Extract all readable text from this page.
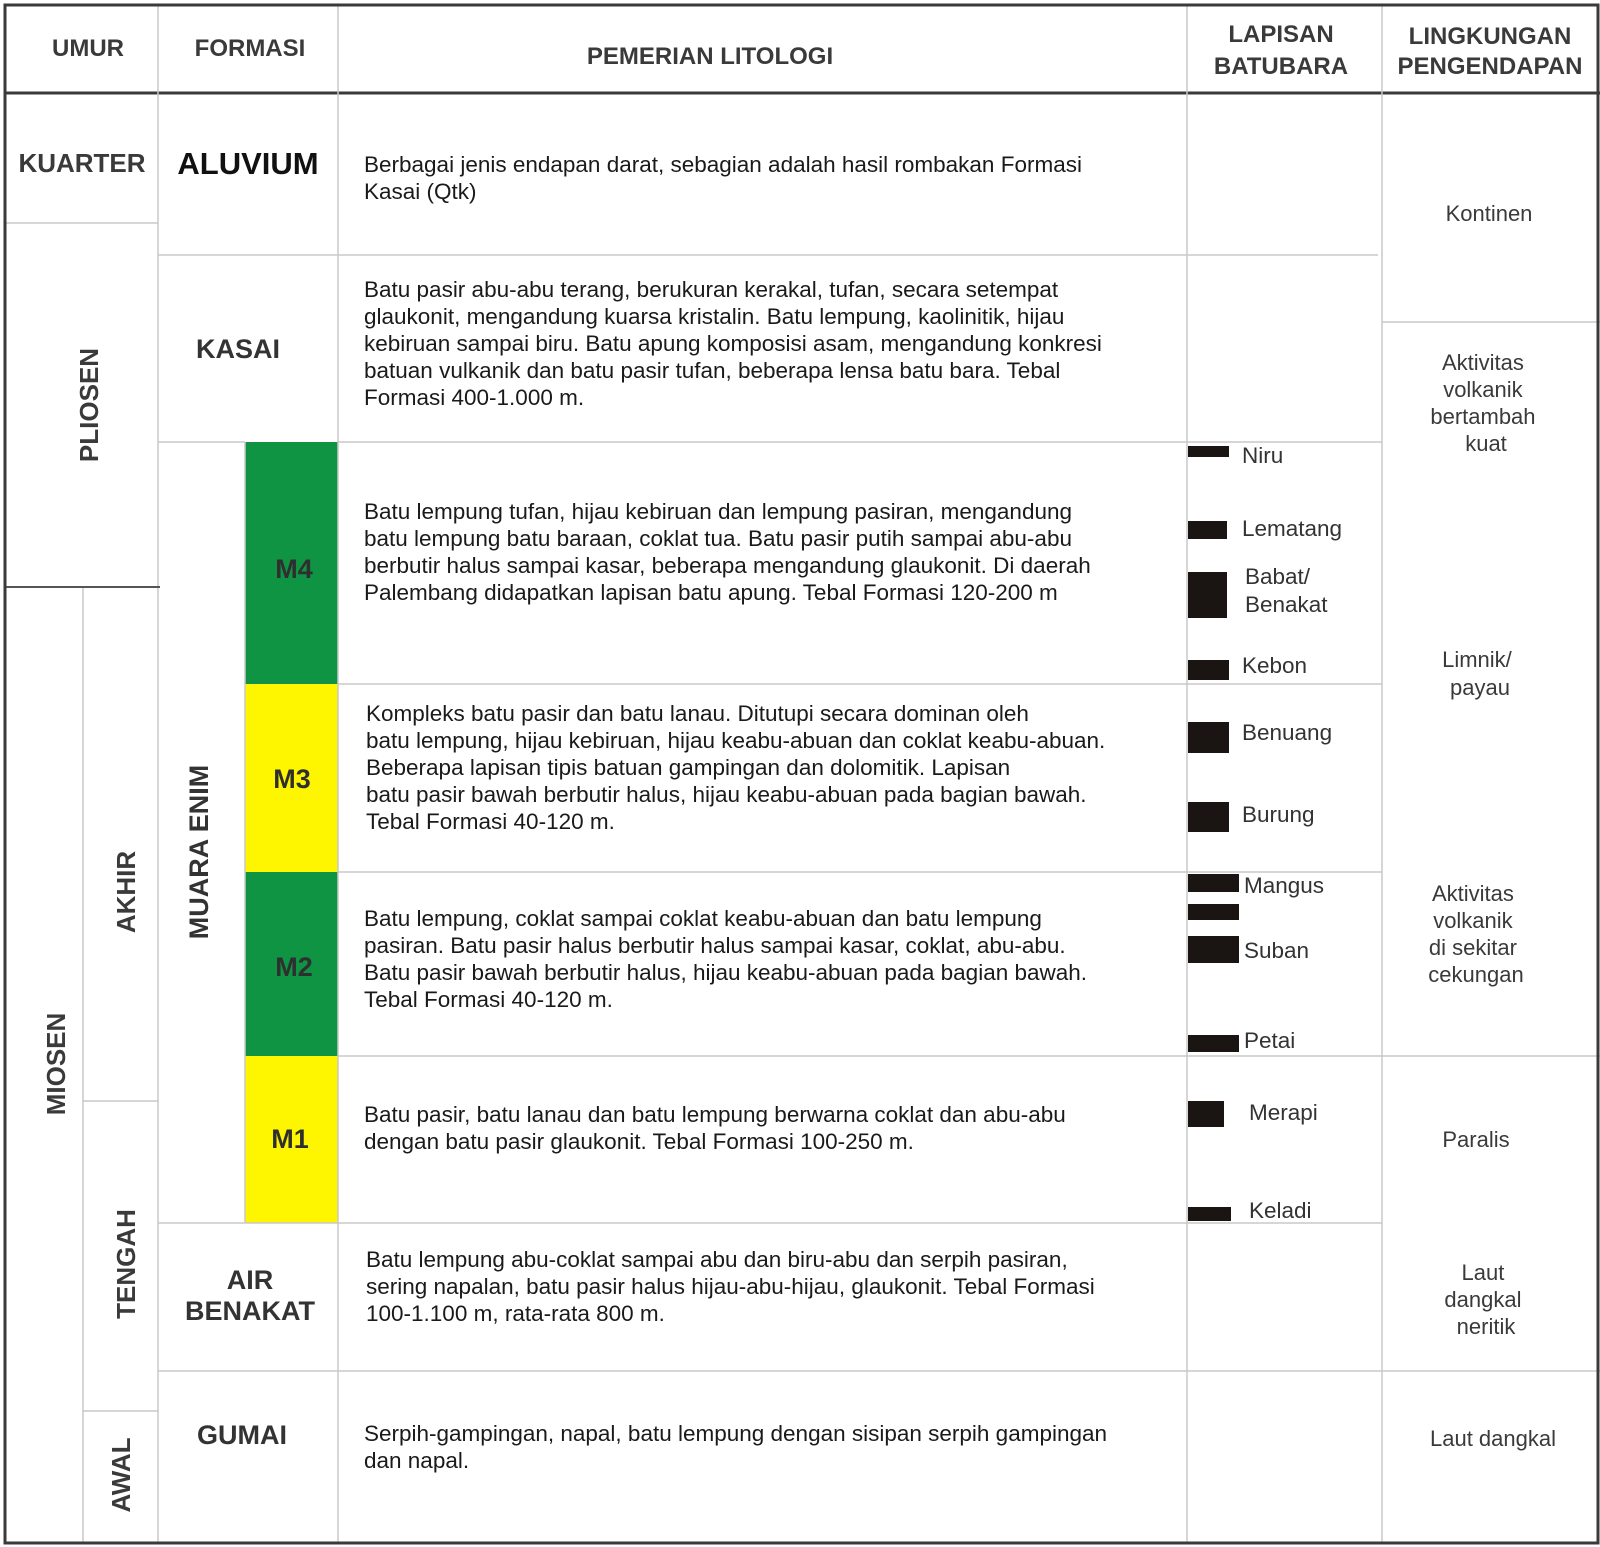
UMUR	FORMASI	PEMERIAN LITOLOGI
LAPISAN BATUBARA
LINGKUNGAN PENGENDAPAN
KUARTER
PLIOSEN
MIOSEN
AKHIR
TENGAH
AWAL
ALUVIUM
KASAI
MUARA ENIM
AIR BENAKAT
GUMAI
M4
M3
M2
M1
Berbagai jenis endapan darat, sebagian adalah hasil rombakan Formasi Kasai (Qtk)
Batu pasir abu-abu terang, berukuran kerakal, tufan, secara setempat glaukonit, mengandung kuarsa kristalin. Batu lempung, kaolinitik, hijau kebiruan sampai biru. Batu apung komposisi asam, mengandung konkresi batuan vulkanik dan batu pasir tufan, beberapa lensa batu bara. Tebal Formasi 400-1.000 m.
Batu lempung tufan, hijau kebiruan dan lempung pasiran, mengandung batu lempung batu baraan, coklat tua. Batu pasir putih sampai abu-abu berbutir halus sampai kasar, beberapa mengandung glaukonit. Di daerah Palembang didapatkan lapisan batu apung. Tebal Formasi 120-200 m
Kompleks batu pasir dan batu lanau. Ditutupi secara dominan oleh batu lempung, hijau kebiruan, hijau keabu-abuan dan coklat keabu-abuan. Beberapa lapisan tipis batuan gampingan dan dolomitik. Lapisan batu pasir bawah berbutir halus, hijau keabu-abuan pada bagian bawah. Tebal Formasi 40-120 m.
Batu lempung, coklat sampai coklat keabu-abuan dan batu lempung pasiran. Batu pasir halus berbutir halus sampai kasar, coklat, abu-abu. Batu pasir bawah berbutir halus, hijau keabu-abuan pada bagian bawah. Tebal Formasi 40-120 m.
Batu pasir, batu lanau dan batu lempung berwarna coklat dan abu-abu dengan batu pasir glaukonit. Tebal Formasi 100-250 m.
Batu lempung abu-coklat sampai abu dan biru-abu dan serpih pasiran, sering napalan, batu pasir halus hijau-abu-hijau, glaukonit. Tebal Formasi 100-1.100 m, rata-rata 800 m.
Serpih-gampingan, napal, batu lempung dengan sisipan serpih gampingan dan napal.
Niru
Lematang
Babat/ Benakat
Kebon
Benuang
Burung
Mangus
Suban
Petai
Merapi
Keladi
Kontinen
Aktivitas volkanik bertambah kuat
Limnik/ payau
Aktivitas volkanik di sekitar cekungan
Paralis
Laut dangkal neritik
Laut dangkal
